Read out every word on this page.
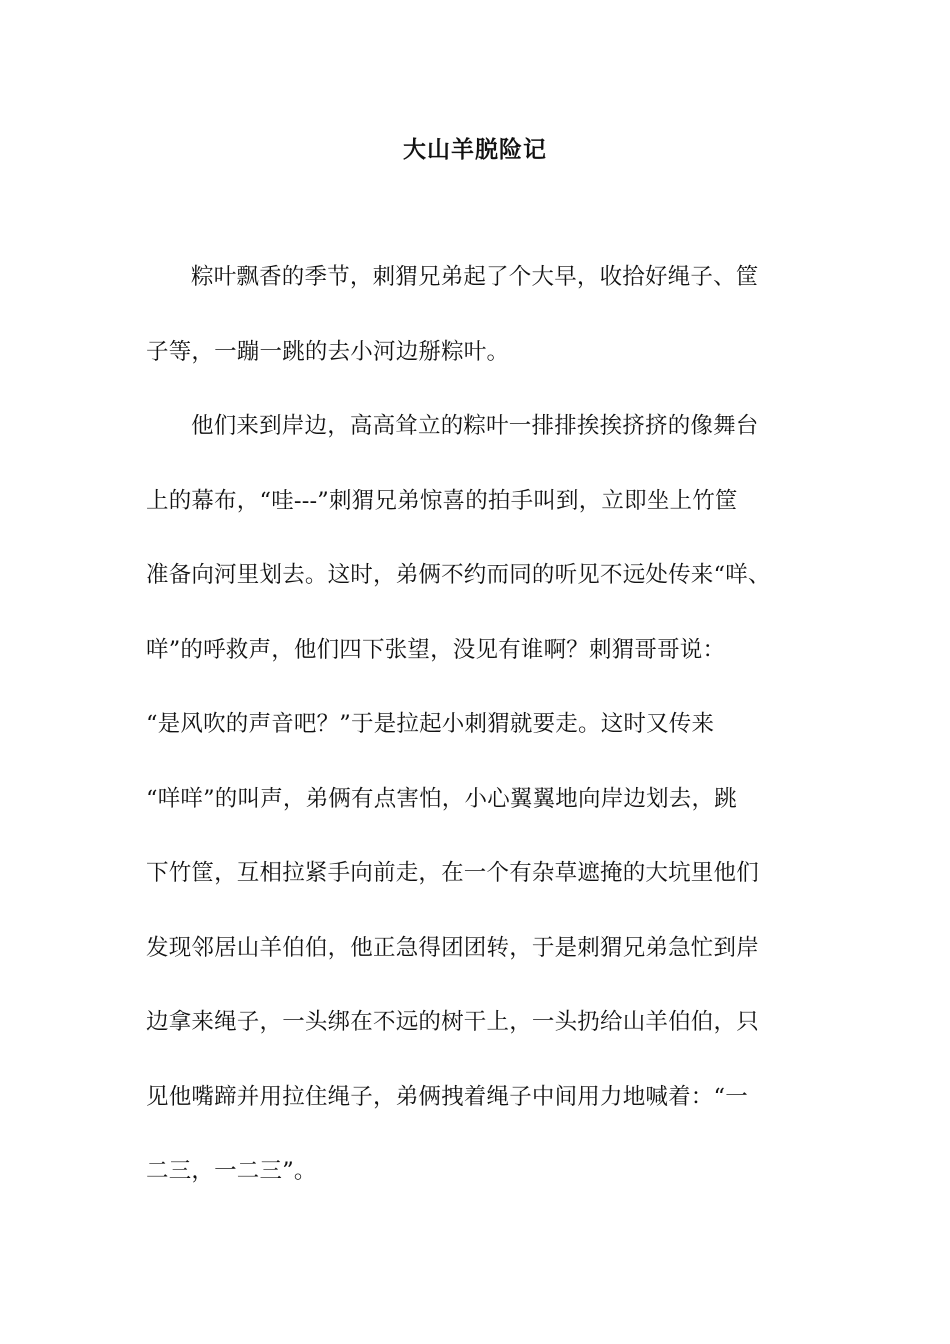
大山羊脱险记
粽叶飘香的季节，刺猬兄弟起了个大早，收拾好绳子、筐
子等，一蹦一跳的去小河边掰粽叶。
他们来到岸边，高高耸立的粽叶一排排挨挨挤挤的像舞台
上的幕布，“哇---”刺猬兄弟惊喜的拍手叫到，立即坐上竹筐
准备向河里划去。这时，弟俩不约而同的听见不远处传来“咩、
咩”的呼救声，他们四下张望，没见有谁啊？刺猬哥哥说：
“是风吹的声音吧？”于是拉起小刺猬就要走。这时又传来
“咩咩”的叫声，弟俩有点害怕，小心翼翼地向岸边划去，跳
下竹筐，互相拉紧手向前走，在一个有杂草遮掩的大坑里他们
发现邻居山羊伯伯，他正急得团团转，于是刺猬兄弟急忙到岸
边拿来绳子，一头绑在不远的树干上，一头扔给山羊伯伯，只
见他嘴蹄并用拉住绳子，弟俩拽着绳子中间用力地喊着：“一
二三，一二三”。
